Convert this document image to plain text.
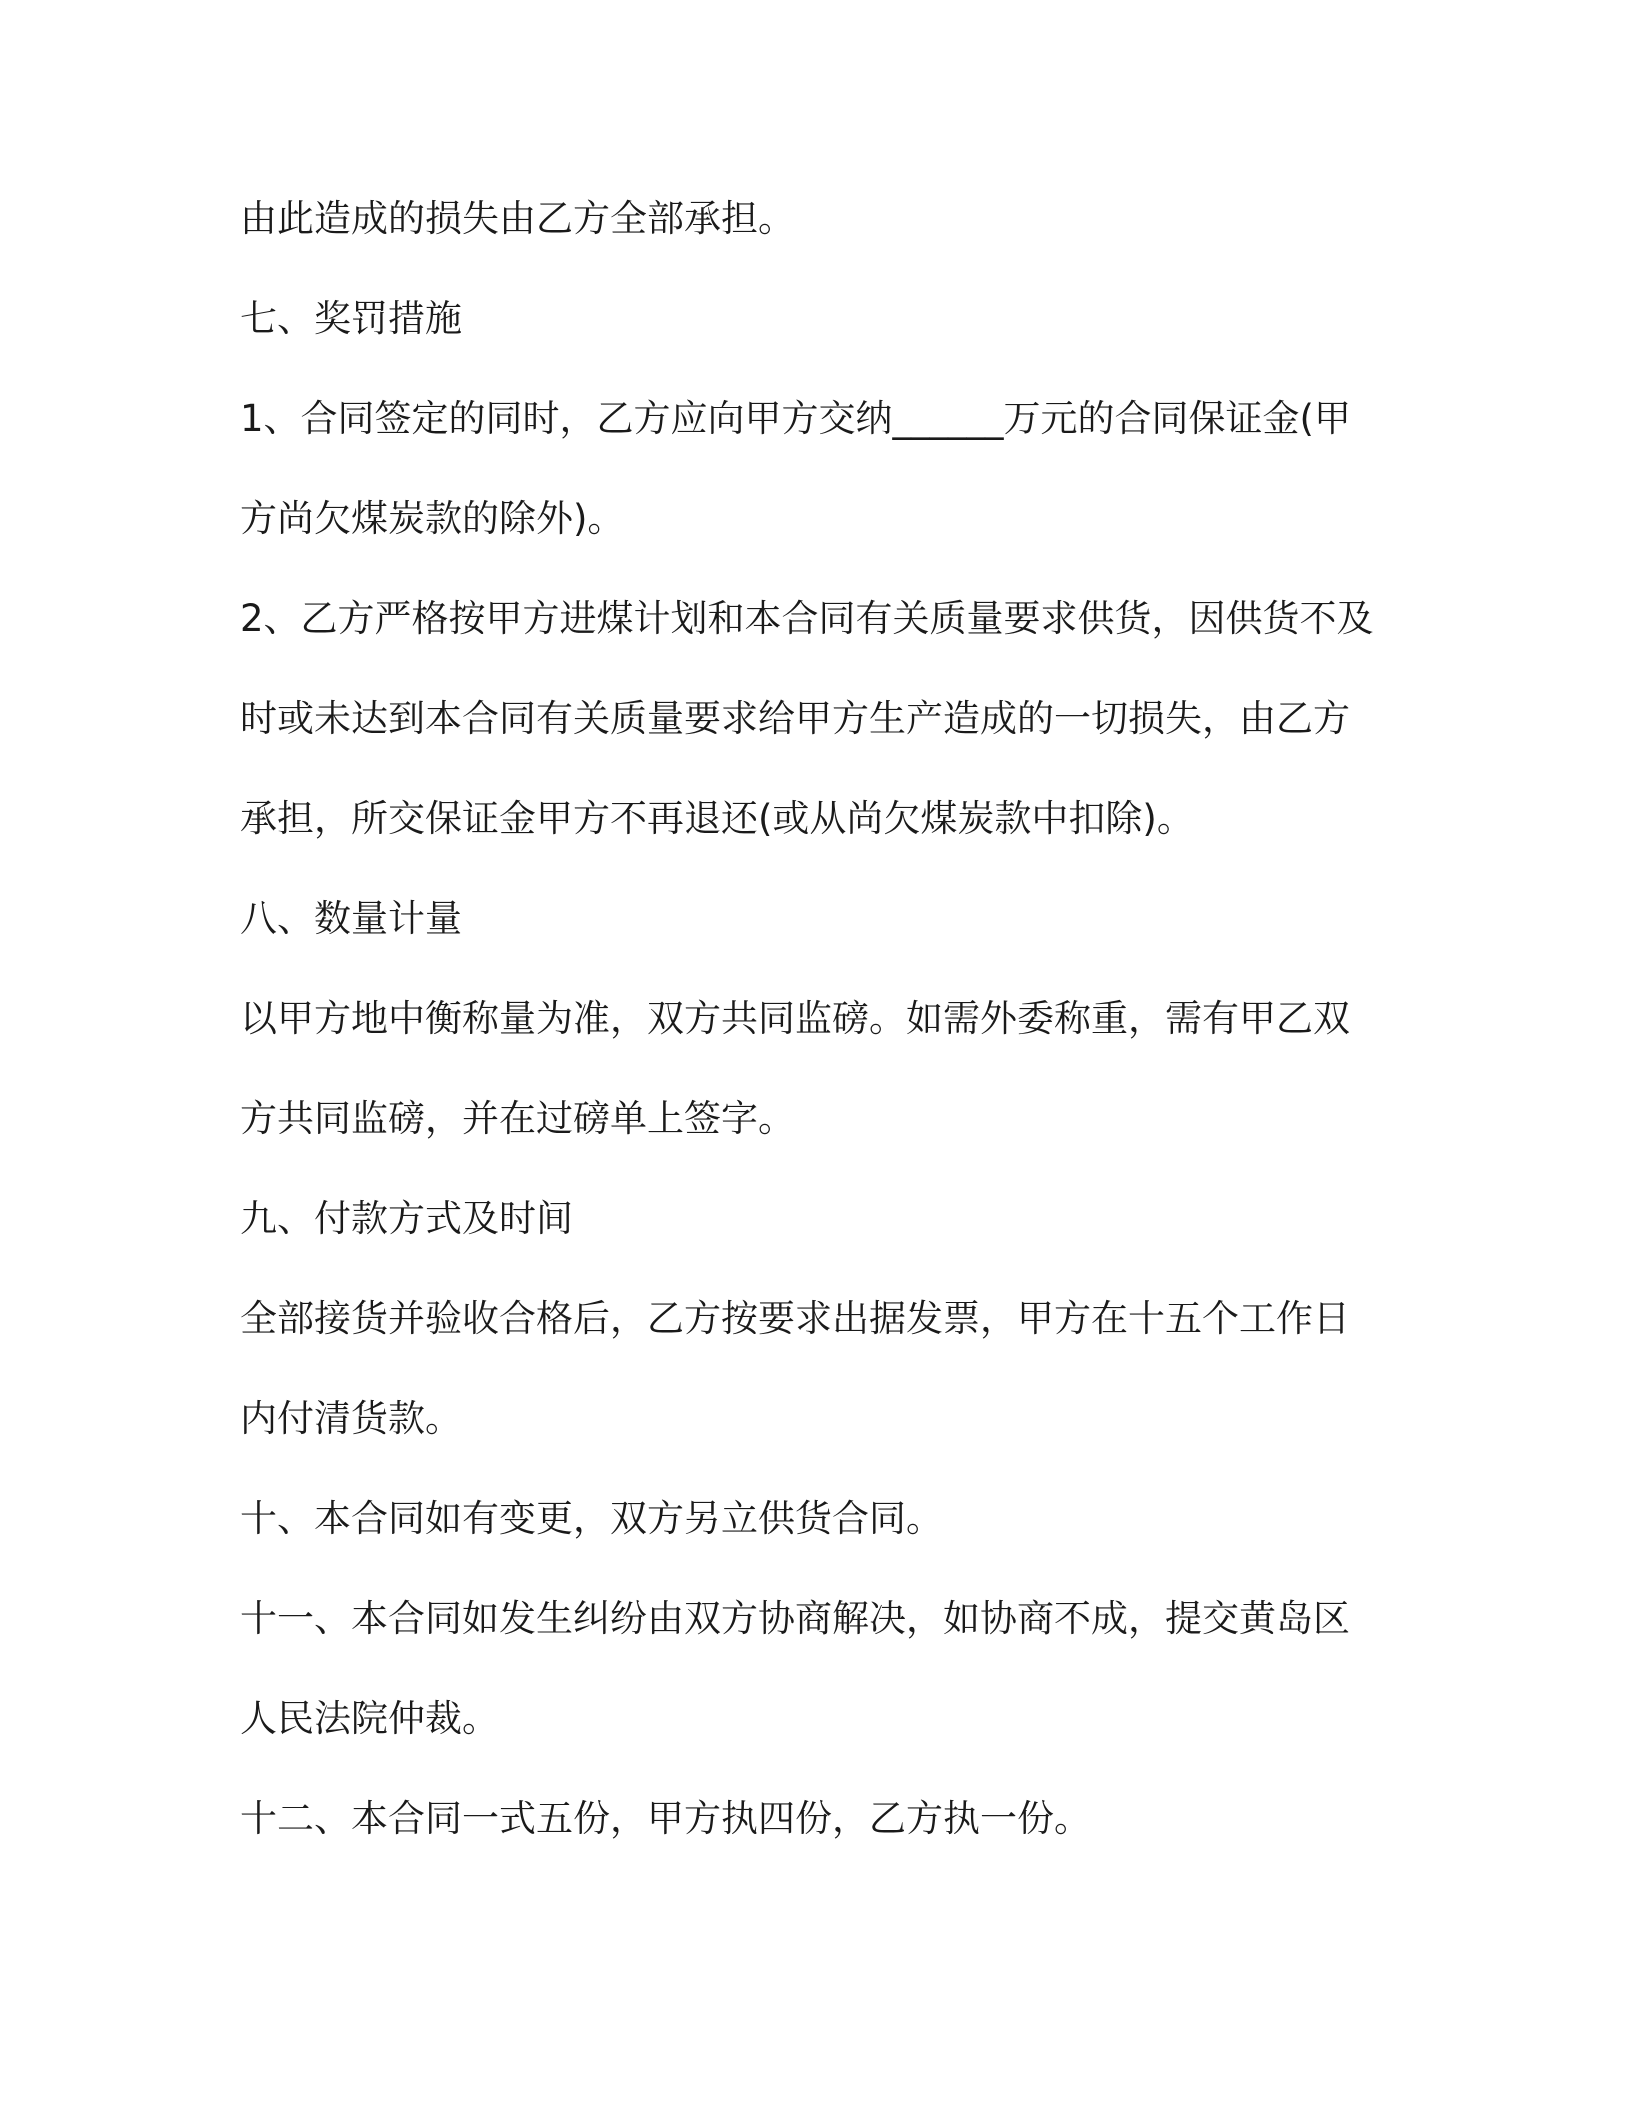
由此造成的损失由乙方全部承担。
七、奖罚措施
1、合同签定的同时，乙方应向甲方交纳______万元的合同保证金(甲
方尚欠煤炭款的除外)。
2、乙方严格按甲方进煤计划和本合同有关质量要求供货，因供货不及
时或未达到本合同有关质量要求给甲方生产造成的一切损失，由乙方
承担，所交保证金甲方不再退还(或从尚欠煤炭款中扣除)。
八、数量计量
以甲方地中衡称量为准，双方共同监磅。如需外委称重，需有甲乙双
方共同监磅，并在过磅单上签字。
九、付款方式及时间
全部接货并验收合格后，乙方按要求出据发票，甲方在十五个工作日
内付清货款。
十、本合同如有变更，双方另立供货合同。
十一、本合同如发生纠纷由双方协商解决，如协商不成，提交黄岛区
人民法院仲裁。
十二、本合同一式五份，甲方执四份，乙方执一份。
